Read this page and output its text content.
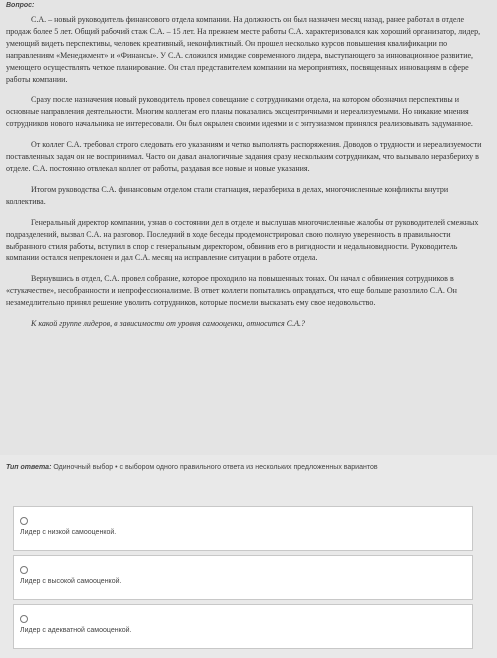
Вопрос:

С.А. – новый руководитель финансового отдела компании. На должность он был назначен месяц назад, ранее работал в отделе продаж более 5 лет. Общий рабочий стаж С.А. – 15 лет. На прежнем месте работы С.А. характеризовался как хороший организатор, лидер, умеющий видеть перспективы, человек креативный, неконфликтный. Он прошел несколько курсов повышения квалификации по направлениям «Менеджмент» и «Финансы». У С.А. сложился имидже современного лидера, выступающего за инновационное развитие, умеющего осуществлять четкое планирование. Он стал представителем компании на мероприятиях, посвященных инновациям в сфере работы компании.

Сразу после назначения новый руководитель провел совещание с сотрудниками отдела, на котором обозначил перспективы и основные направления деятельности. Многим коллегам его планы показались эксцентричными и нереализуемыми. Но никакие мнения сотрудников нового начальника не интересовали. Он был окрылен своими идеями и с энтузиазмом принялся реализовывать задуманное.

От коллег С.А. требовал строго следовать его указаниям и четко выполнять распоряжения. Доводов о трудности и нереализуемости поставленных задач он не воспринимал. Часто он давал аналогичные задания сразу нескольким сотрудникам, что вызывало неразбериху в отделе. С.А. постоянно отвлекал коллег от работы, раздавая все новые и новые указания.

Итогом руководства С.А. финансовым отделом стали стагнация, неразбериха в делах, многочисленные конфликты внутри коллектива.

Генеральный директор компании, узнав о состоянии дел в отделе и выслушав многочисленные жалобы от руководителей смежных подразделений, вызвал С.А. на разговор. Последний в ходе беседы продемонстрировал свою полную уверенность в правильности выбранного стиля работы, вступил в спор с генеральным директором, обвинив его в ригидности и недальновидности. Руководитель компании остался непреклонен и дал С.А. месяц на исправление ситуации в работе отдела.

Вернувшись в отдел, С.А. провел собрание, которое проходило на повышенных тонах. Он начал с обвинения сотрудников в «стукачестве», несобранности и непрофессионализме. В ответ коллеги попытались оправдаться, что еще больше разозлило С.А. Он незамедлительно принял решение уволить сотрудников, которые посмели высказать ему свое недовольство.

К какой группе лидеров, в зависимости от уровня самооценки, относится С.А.?

Тип ответа: Одиночный выбор • с выбором одного правильного ответа из нескольких предложенных вариантов
Лидер с низкой самооценкой.
Лидер с высокой самооценкой.
Лидер с адекватной самооценкой.
